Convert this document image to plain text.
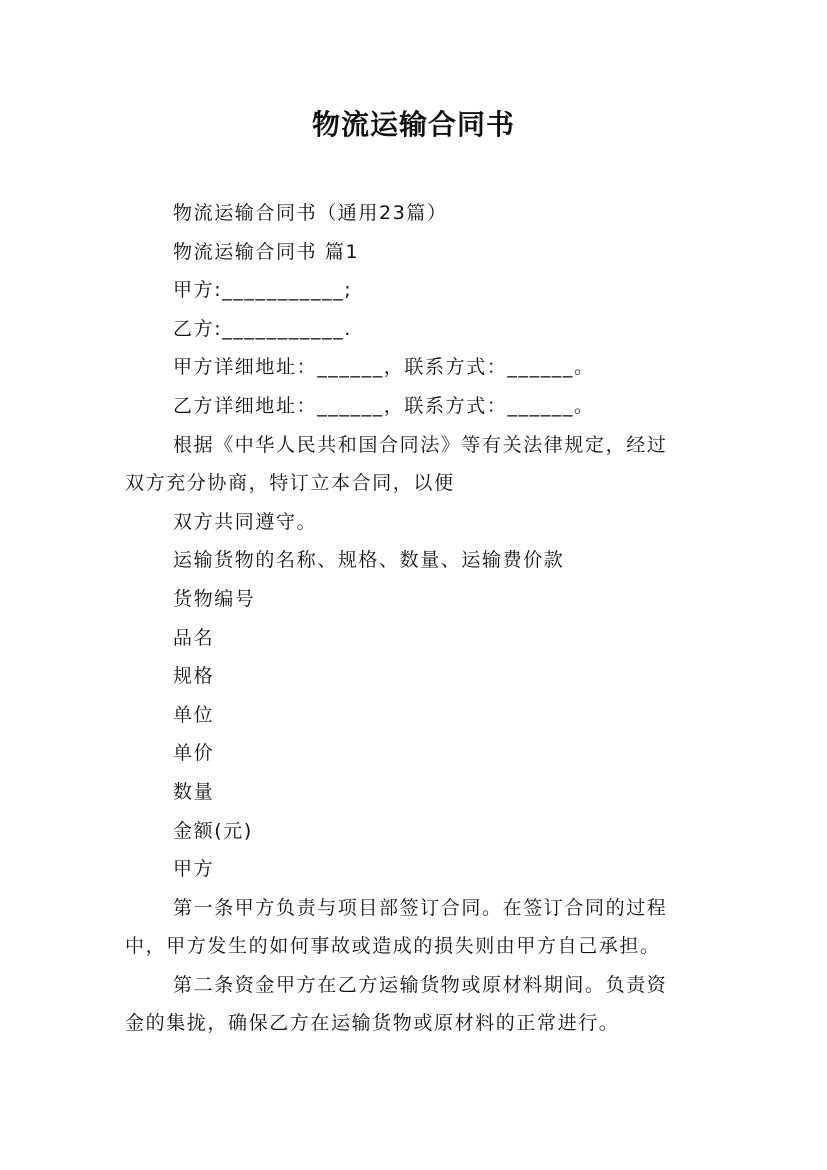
物流运输合同书
物流运输合同书（通用23篇）
物流运输合同书 篇1
甲方:___________;
乙方:___________.
甲方详细地址：______，联系方式：______。
乙方详细地址：______，联系方式：______。
根据《中华人民共和国合同法》等有关法律规定，经过
双方充分协商，特订立本合同，以便
双方共同遵守。
运输货物的名称、规格、数量、运输费价款
货物编号
品名
规格
单位
单价
数量
金额(元)
甲方
第一条甲方负责与项目部签订合同。在签订合同的过程
中，甲方发生的如何事故或造成的损失则由甲方自己承担。
第二条资金甲方在乙方运输货物或原材料期间。负责资
金的集拢，确保乙方在运输货物或原材料的正常进行。
